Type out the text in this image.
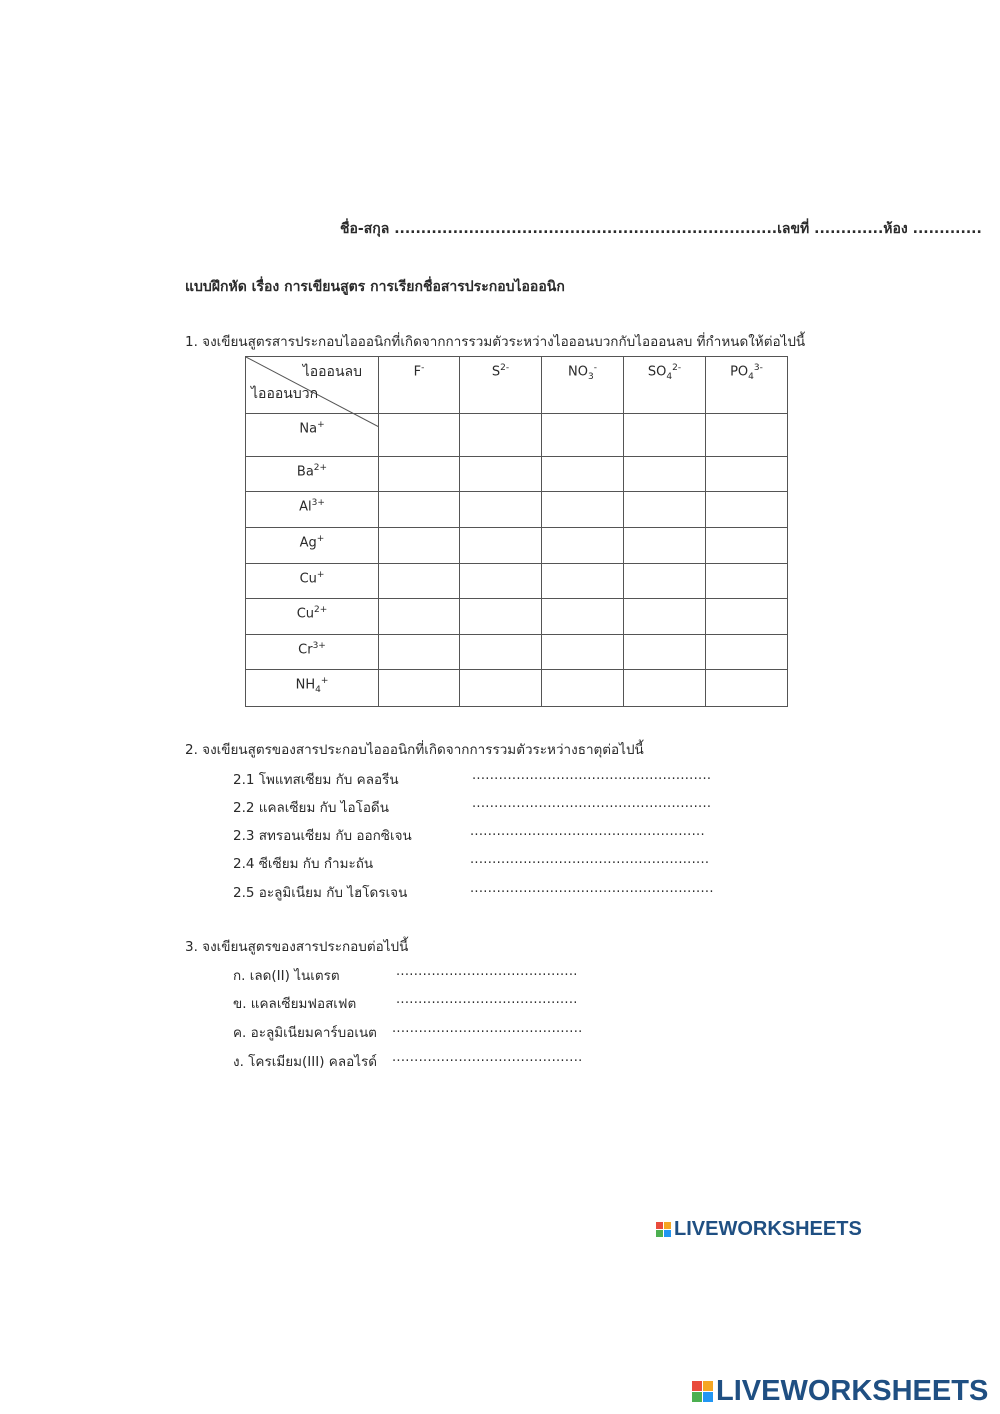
ชื่อ-สกุล ........................................................................เลขที่ .............ห้อง .............
แบบฝึกหัด เรื่อง การเขียนสูตร การเรียกชื่อสารประกอบไอออนิก
1. จงเขียนสูตรสารประกอบไอออนิกที่เกิดจากการรวมตัวระหว่างไอออนบวกกับไอออนลบ ที่กำหนดให้ต่อไปนี้
ไอออนลบ
ไอออนบวก	F-	$S^{2-}$	$NO_3^-$	$SO_4^{2-}$	$PO_4^{3-}$

Na+

$Ba^{2+}$

$Al^{3+}$

Ag+

Cu+

$Cu^{2+}$

$Cr^{3+}$

$NH_4^+$

2. จงเขียนสูตรของสารประกอบไอออนิกที่เกิดจากการรวมตัวระหว่างธาตุต่อไปนี้
2.1 โพแทสเซียม กับ คลอรีน	......................................................
2.2 แคลเซียม กับ ไอโอดีน	......................................................
2.3 สทรอนเซียม กับ ออกซิเจน	.....................................................
2.4 ซีเซียม กับ กำมะถัน	......................................................
2.5 อะลูมิเนียม กับ ไฮโดรเจน	.......................................................
3. จงเขียนสูตรของสารประกอบต่อไปนี้
ก. เลด(II) ไนเตรต	.........................................
ข. แคลเซียมฟอสเฟต	.........................................
ค. อะลูมิเนียมคาร์บอเนต ...........................................
ง. โครเมียม(III) คลอไรด์ ...........................................
LIVEWORKSHEETS
LIVEWORKSHEETS
